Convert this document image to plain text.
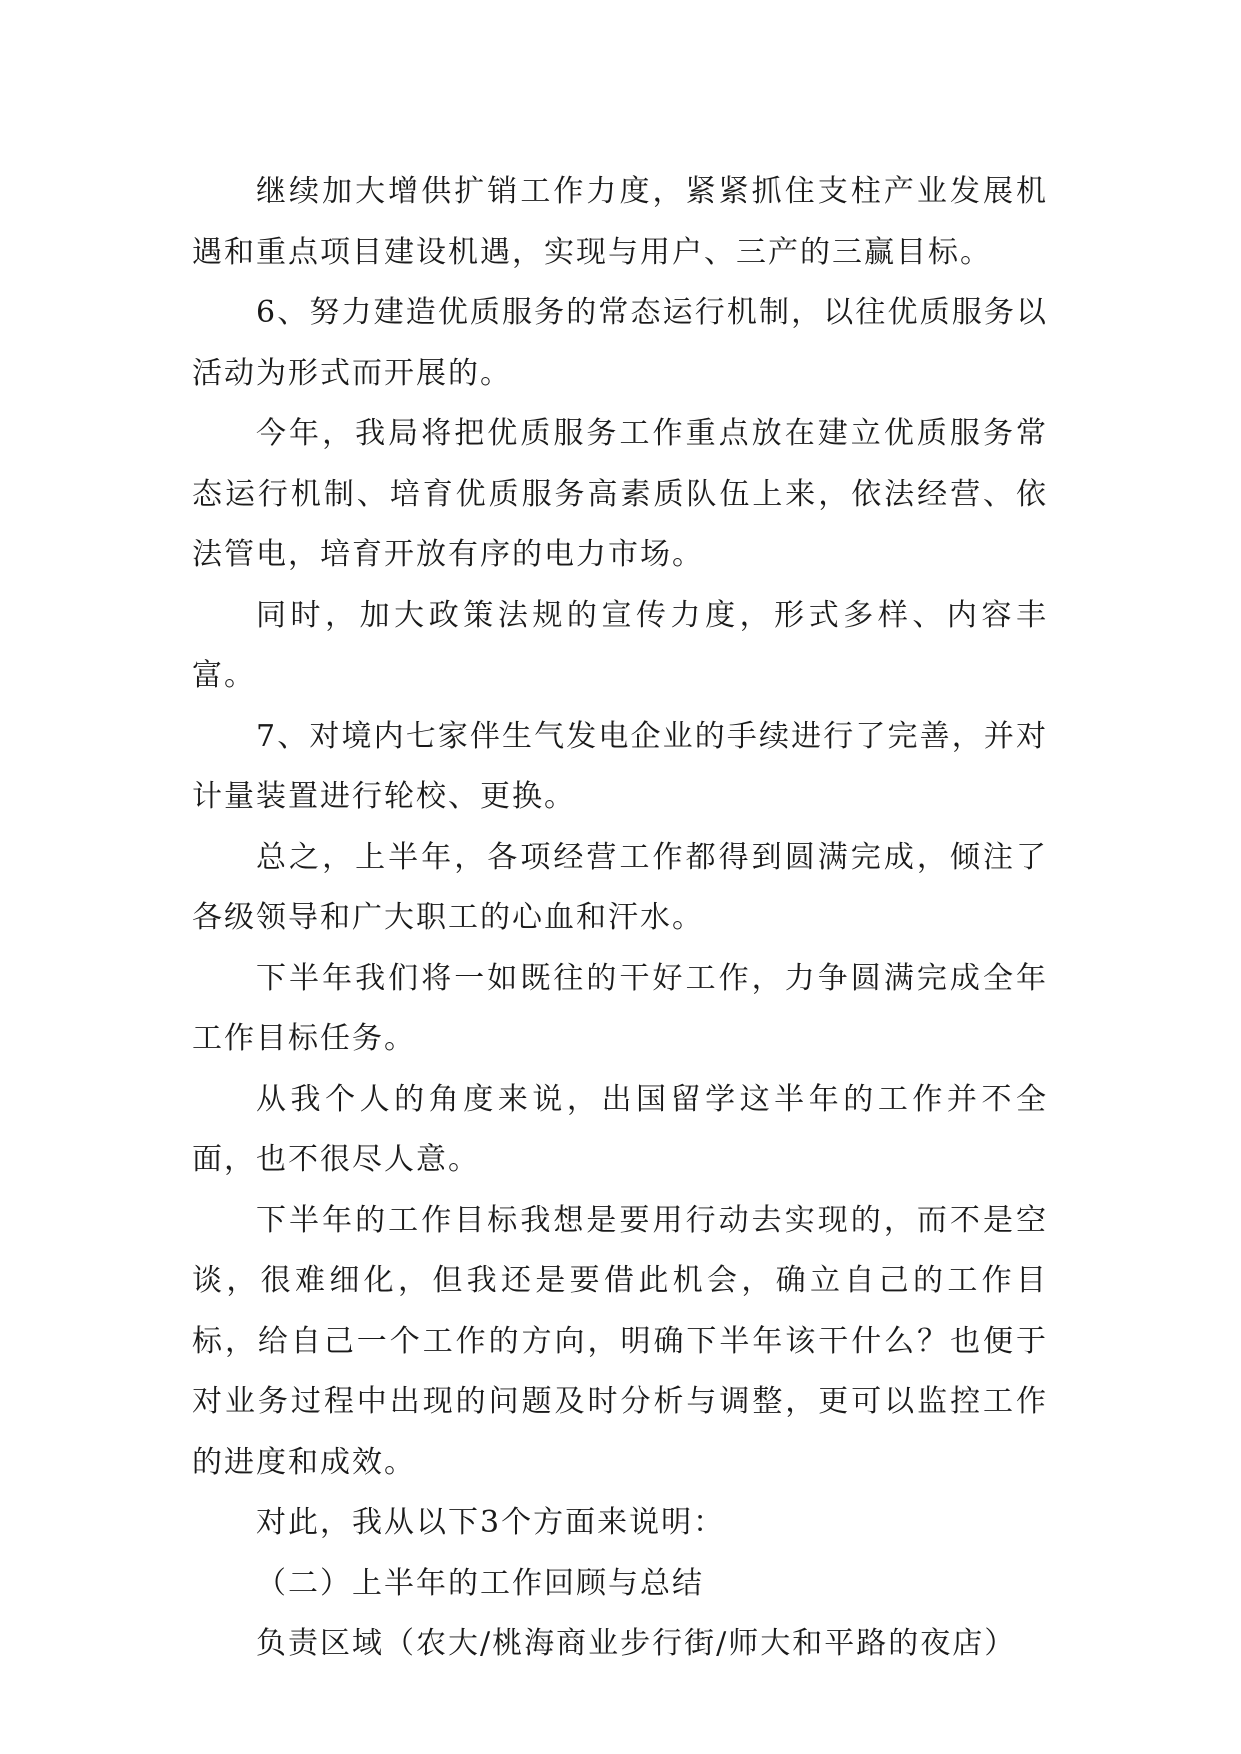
继续加大增供扩销工作力度，紧紧抓住支柱产业发展机遇和重点项目建设机遇，实现与用户、三产的三赢目标。

6、努力建造优质服务的常态运行机制，以往优质服务以活动为形式而开展的。

今年，我局将把优质服务工作重点放在建立优质服务常态运行机制、培育优质服务高素质队伍上来，依法经营、依法管电，培育开放有序的电力市场。

同时，加大政策法规的宣传力度，形式多样、内容丰富。

7、对境内七家伴生气发电企业的手续进行了完善，并对计量装置进行轮校、更换。

总之，上半年，各项经营工作都得到圆满完成，倾注了各级领导和广大职工的心血和汗水。

下半年我们将一如既往的干好工作，力争圆满完成全年工作目标任务。

从我个人的角度来说，出国留学这半年的工作并不全面，也不很尽人意。

下半年的工作目标我想是要用行动去实现的，而不是空谈，很难细化，但我还是要借此机会，确立自己的工作目标，给自己一个工作的方向，明确下半年该干什么？也便于对业务过程中出现的问题及时分析与调整，更可以监控工作的进度和成效。

对此，我从以下3个方面来说明：

（二）上半年的工作回顾与总结

负责区域（农大/桃海商业步行街/师大和平路的夜店）
